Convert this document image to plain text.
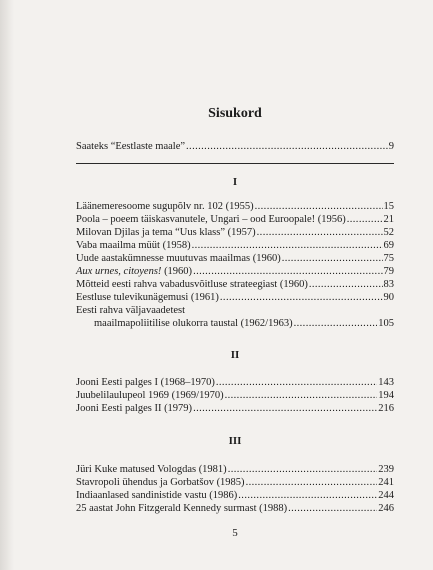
Sisukord
Saateks “Eestlaste maale” .....	9
I
Läänemeresoome sugupõlv nr. 102 (1955) .....	15
Poola – poeem täiskasvanutele, Ungari – ood Euroopale! (1956) .....	21
Milovan Djilas ja tema “Uus klass” (1957) .....	52
Vaba maailma müüt (1958) .....	69
Uude aastakümnesse muutuvas maailmas (1960) .....	75
Aux urnes, citoyens! (1960) .....	79
Mõtteid eesti rahva vabadusvõitluse strateegiast (1960) .....	83
Eestluse tulevikunägemusi (1961) .....	90
Eesti rahva väljavaadetest
maailmapoliitilise olukorra taustal (1962/1963) .....	105
II
Jooni Eesti palges I (1968–1970) .....	143
Juubelilaulupeol 1969 (1969/1970) .....	194
Jooni Eesti palges II (1979) .....	216
III
Jüri Kuke matused Vologdas (1981) .....	239
Stavropoli ühendus ja Gorbatšov (1985) .....	241
Indiaanlased sandinistide vastu (1986) .....	244
25 aastat John Fitzgerald Kennedy surmast (1988) .....	246
5
